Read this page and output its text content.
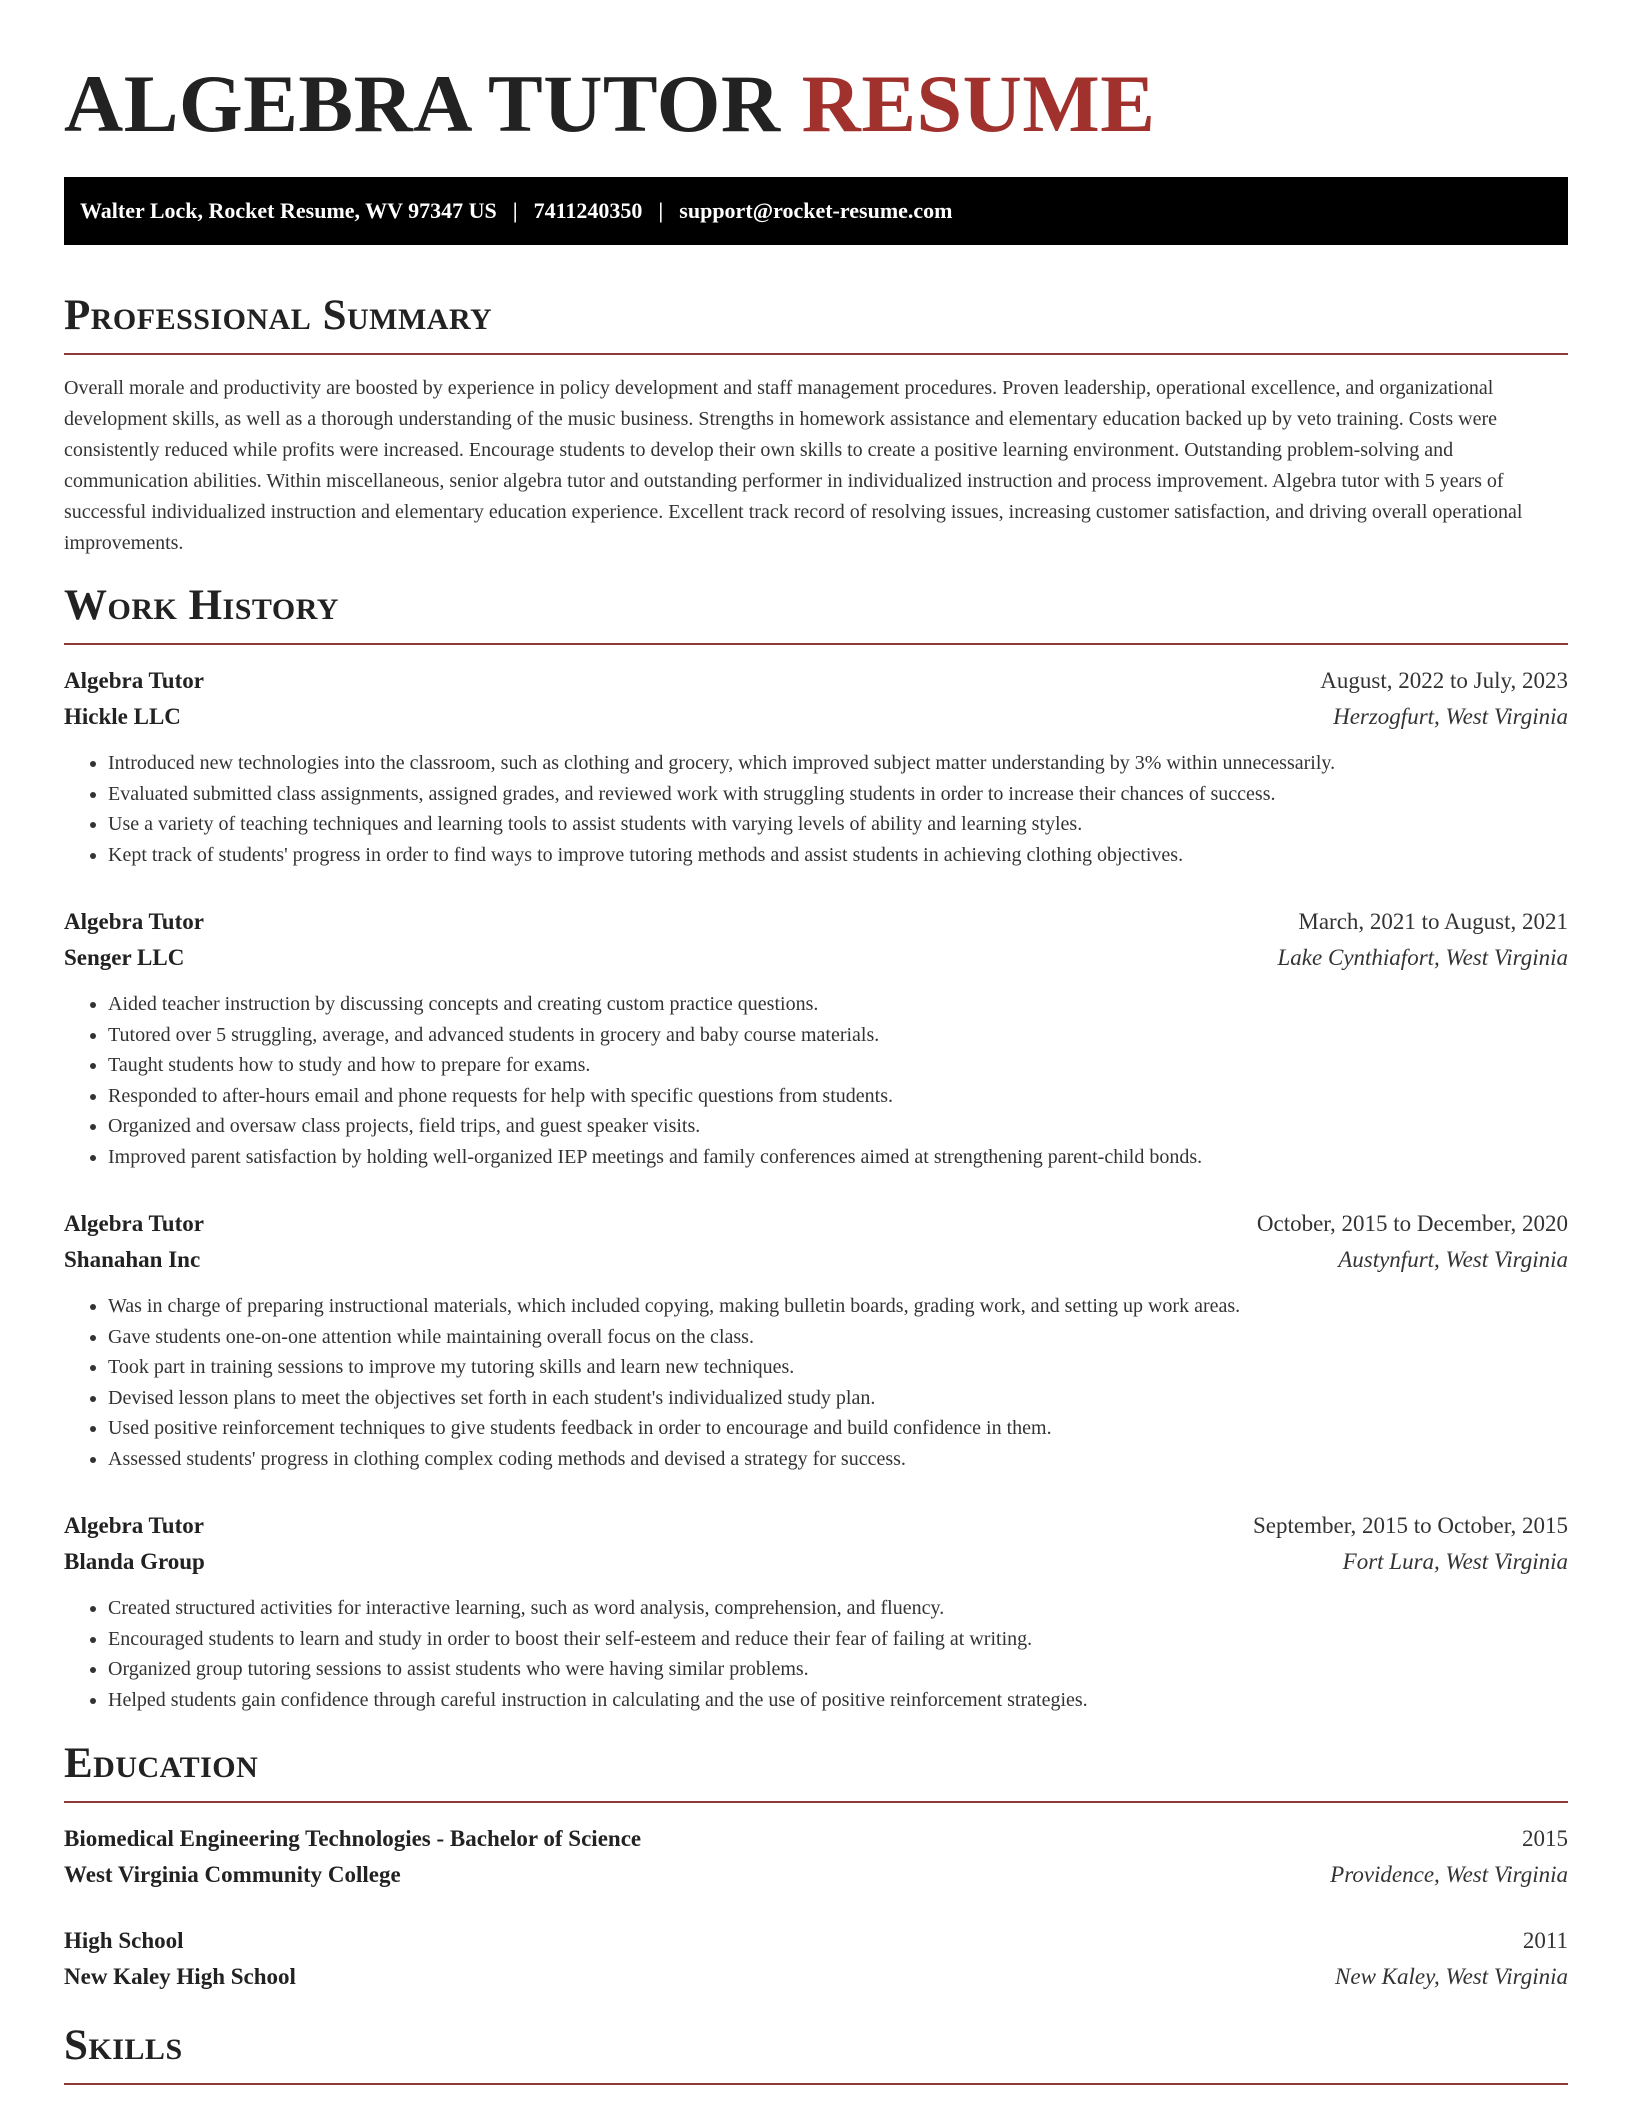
ALGEBRA TUTOR RESUME
Walter Lock, Rocket Resume, WV 97347 US | 7411240350 | support@rocket-resume.com
Professional Summary

Overall morale and productivity are boosted by experience in policy development and staff management procedures. Proven leadership, operational excellence, and organizational development skills, as well as a thorough understanding of the music business. Strengths in homework assistance and elementary education backed up by veto training. Costs were consistently reduced while profits were increased. Encourage students to develop their own skills to create a positive learning environment. Outstanding problem-solving and communication abilities. Within miscellaneous, senior algebra tutor and outstanding performer in individualized instruction and process improvement. Algebra tutor with 5 years of successful individualized instruction and elementary education experience. Excellent track record of resolving issues, increasing customer satisfaction, and driving overall operational improvements.

Work History
Algebra Tutor	August, 2022 to July, 2023
Hickle LLC	Herzogfurt, West Virginia
• Introduced new technologies into the classroom, such as clothing and grocery, which improved subject matter understanding by 3% within unnecessarily.
• Evaluated submitted class assignments, assigned grades, and reviewed work with struggling students in order to increase their chances of success.
• Use a variety of teaching techniques and learning tools to assist students with varying levels of ability and learning styles.
• Kept track of students' progress in order to find ways to improve tutoring methods and assist students in achieving clothing objectives.
Algebra Tutor	March, 2021 to August, 2021
Senger LLC	Lake Cynthiafort, West Virginia
• Aided teacher instruction by discussing concepts and creating custom practice questions.
• Tutored over 5 struggling, average, and advanced students in grocery and baby course materials.
• Taught students how to study and how to prepare for exams.
• Responded to after-hours email and phone requests for help with specific questions from students.
• Organized and oversaw class projects, field trips, and guest speaker visits.
• Improved parent satisfaction by holding well-organized IEP meetings and family conferences aimed at strengthening parent-child bonds.
Algebra Tutor	October, 2015 to December, 2020
Shanahan Inc	Austynfurt, West Virginia
• Was in charge of preparing instructional materials, which included copying, making bulletin boards, grading work, and setting up work areas.
• Gave students one-on-one attention while maintaining overall focus on the class.
• Took part in training sessions to improve my tutoring skills and learn new techniques.
• Devised lesson plans to meet the objectives set forth in each student's individualized study plan.
• Used positive reinforcement techniques to give students feedback in order to encourage and build confidence in them.
• Assessed students' progress in clothing complex coding methods and devised a strategy for success.
Algebra Tutor	September, 2015 to October, 2015
Blanda Group	Fort Lura, West Virginia
• Created structured activities for interactive learning, such as word analysis, comprehension, and fluency.
• Encouraged students to learn and study in order to boost their self-esteem and reduce their fear of failing at writing.
• Organized group tutoring sessions to assist students who were having similar problems.
• Helped students gain confidence through careful instruction in calculating and the use of positive reinforcement strategies.
Education
Biomedical Engineering Technologies - Bachelor of Science	2015
West Virginia Community College	Providence, West Virginia
High School	2011
New Kaley High School	New Kaley, West Virginia
Skills
